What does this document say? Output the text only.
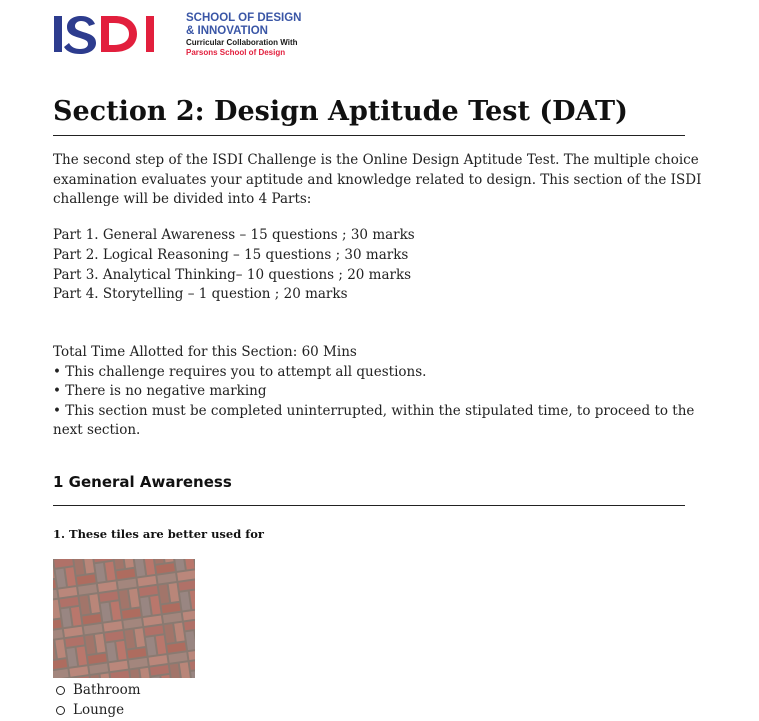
SCHOOL OF DESIGN
& INNOVATION
Curricular Collaboration With
Parsons School of Design
Section 2: Design Aptitude Test (DAT)

The second step of the ISDI Challenge is the Online Design Aptitude Test. The multiple choice examination evaluates your aptitude and knowledge related to design. This section of the ISDI challenge will be divided into 4 Parts:

Part 1. General Awareness – 15 questions ; 30 marks
Part 2. Logical Reasoning – 15 questions ; 30 marks
Part 3. Analytical Thinking– 10 questions ; 20 marks
Part 4. Storytelling – 1 question ; 20 marks
Total Time Allotted for this Section: 60 Mins
• This challenge requires you to attempt all questions.
• There is no negative marking
• This section must be completed uninterrupted, within the stipulated time, to proceed to the next section.
1 General Awareness
1. These tiles are better used for
Bathroom
Lounge
